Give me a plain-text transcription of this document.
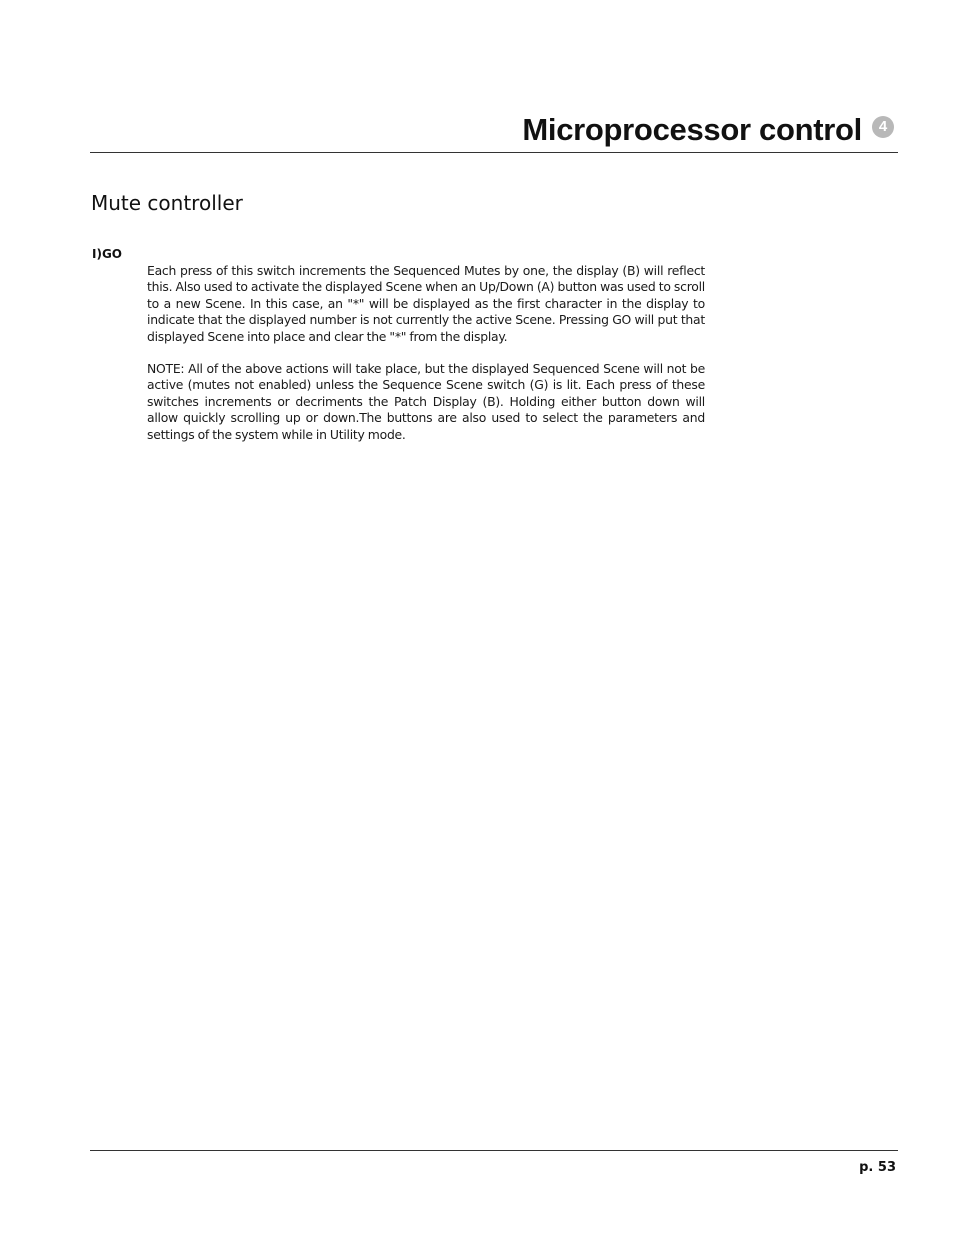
Microprocessor control	4
Mute controller
I)GO

Each press of this switch increments the Sequenced Mutes by one, the display (B) will reflect this. Also used to activate the displayed Scene when an Up/Down (A) button was used to scroll to a new Scene. In this case, an "*" will be displayed as the first character in the display to indicate that the displayed number is not currently the active Scene. Pressing GO will put that displayed Scene into place and clear the "*" from the display.

NOTE: All of the above actions will take place, but the displayed Sequenced Scene will not be active (mutes not enabled) unless the Sequence Scene switch (G) is lit. Each press of these switches increments or decriments the Patch Display (B). Holding either button down will allow quickly scrolling up or down.The buttons are also used to select the parameters and settings of the system while in Utility mode.

p. 53
